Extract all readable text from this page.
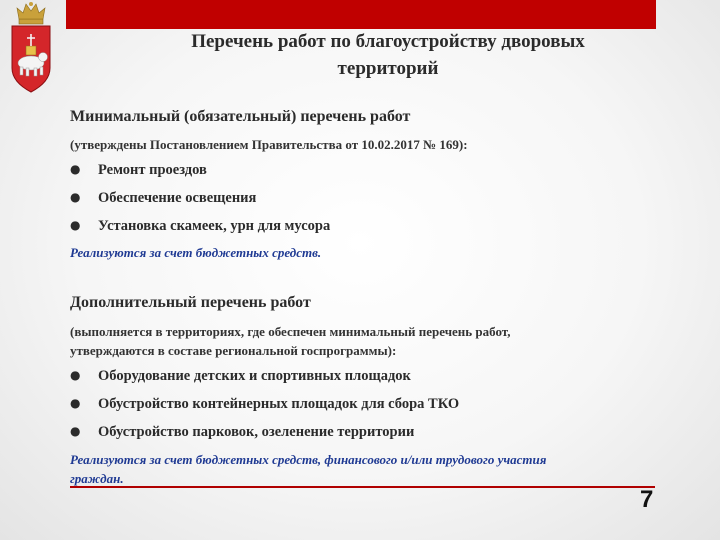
Перечень работ по благоустройству дворовых
территорий
Минимальный (обязательный) перечень работ
(утверждены Постановлением Правительства от 10.02.2017 № 169):
● Ремонт проездов
● Обеспечение освещения
● Установка скамеек, урн для мусора
Реализуются за счет бюджетных средств.
Дополнительный перечень работ
(выполняется в территориях, где обеспечен минимальный перечень работ,
утверждаются в составе региональной госпрограммы):
● Оборудование детских и спортивных площадок
● Обустройство контейнерных площадок для сбора ТКО
● Обустройство парковок, озеленение территории
Реализуются за счет бюджетных средств, финансового и/или трудового участия
граждан.
7
